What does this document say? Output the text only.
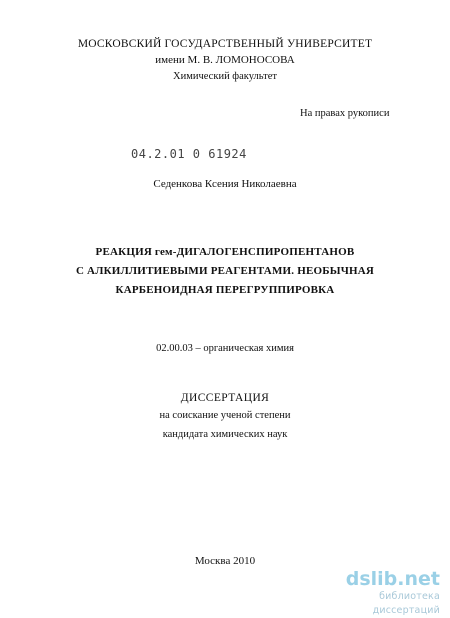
МОСКОВСКИЙ ГОСУДАРСТВЕННЫЙ УНИВЕРСИТЕТ
имени М. В. ЛОМОНОСОВА
Химический факультет
На правах рукописи
04.2.01 0 61924
Седенкова Ксения Николаевна
РЕАКЦИЯ гем-ДИГАЛОГЕНСПИРОПЕНТАНОВ
С АЛКИЛЛИТИЕВЫМИ РЕАГЕНТАМИ. НЕОБЫЧНАЯ
КАРБЕНОИДНАЯ ПЕРЕГРУППИРОВКА
02.00.03 – органическая химия
ДИССЕРТАЦИЯ
на соискание ученой степени
кандидата химических наук
Москва 2010
dslib.net
библиотека диссертаций
